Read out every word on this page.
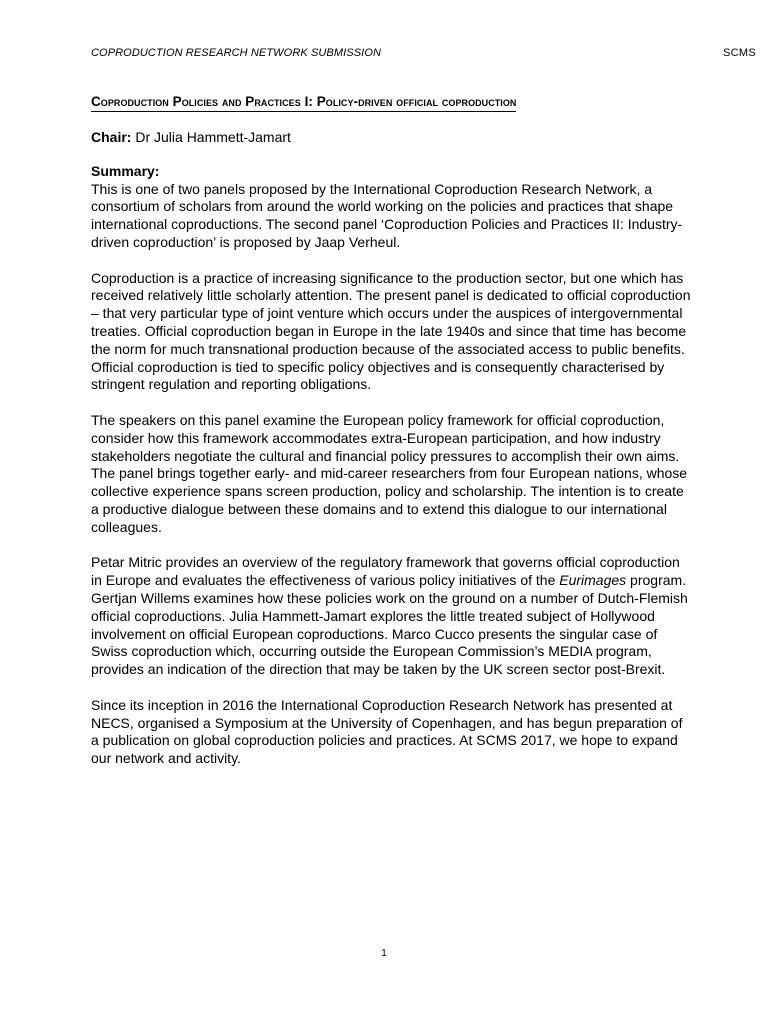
COPRODUCTION RESEARCH NETWORK SUBMISSION	SCMS
Coproduction Policies and Practices I: Policy-driven official coproduction
Chair: Dr Julia Hammett-Jamart
Summary:

This is one of two panels proposed by the International Coproduction Research Network, a consortium of scholars from around the world working on the policies and practices that shape international coproductions. The second panel ‘Coproduction Policies and Practices II: Industry-driven coproduction’ is proposed by Jaap Verheul.

Coproduction is a practice of increasing significance to the production sector, but one which has received relatively little scholarly attention. The present panel is dedicated to official coproduction – that very particular type of joint venture which occurs under the auspices of intergovernmental treaties. Official coproduction began in Europe in the late 1940s and since that time has become the norm for much transnational production because of the associated access to public benefits. Official coproduction is tied to specific policy objectives and is consequently characterised by stringent regulation and reporting obligations.

The speakers on this panel examine the European policy framework for official coproduction, consider how this framework accommodates extra-European participation, and how industry stakeholders negotiate the cultural and financial policy pressures to accomplish their own aims. The panel brings together early- and mid-career researchers from four European nations, whose collective experience spans screen production, policy and scholarship. The intention is to create a productive dialogue between these domains and to extend this dialogue to our international colleagues.

Petar Mitric provides an overview of the regulatory framework that governs official coproduction in Europe and evaluates the effectiveness of various policy initiatives of the Eurimages program. Gertjan Willems examines how these policies work on the ground on a number of Dutch-Flemish official coproductions. Julia Hammett-Jamart explores the little treated subject of Hollywood involvement on official European coproductions. Marco Cucco presents the singular case of Swiss coproduction which, occurring outside the European Commission’s MEDIA program, provides an indication of the direction that may be taken by the UK screen sector post-Brexit.

Since its inception in 2016 the International Coproduction Research Network has presented at NECS, organised a Symposium at the University of Copenhagen, and has begun preparation of a publication on global coproduction policies and practices. At SCMS 2017, we hope to expand our network and activity.

1
